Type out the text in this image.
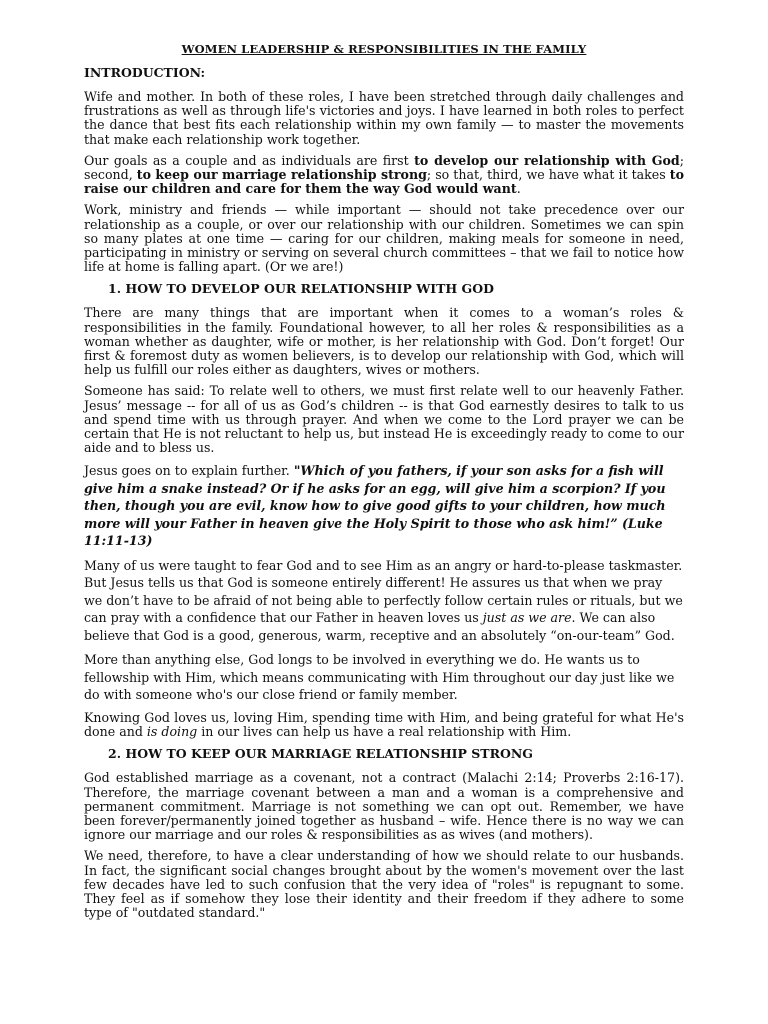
WOMEN LEADERSHIP & RESPONSIBILITIES IN THE FAMILY
INTRODUCTION:

Wife and mother. In both of these roles, I have been stretched through daily challenges and frustrations as well as through life's victories and joys. I have learned in both roles to perfect the dance that best fits each relationship within my own family — to master the movements that make each relationship work together.

Our goals as a couple and as individuals are first to develop our relationship with God; second, to keep our marriage relationship strong; so that, third, we have what it takes to raise our children and care for them the way God would want.

Work, ministry and friends — while important — should not take precedence over our relationship as a couple, or over our relationship with our children. Sometimes we can spin so many plates at one time — caring for our children, making meals for someone in need, participating in ministry or serving on several church committees – that we fail to notice how life at home is falling apart. (Or we are!)

1. HOW TO DEVELOP OUR RELATIONSHIP WITH GOD

There are many things that are important when it comes to a woman’s roles & responsibilities in the family. Foundational however, to all her roles & responsibilities as a woman whether as daughter, wife or mother, is her relationship with God. Don’t forget! Our first & foremost duty as women believers, is to develop our relationship with God, which will help us fulfill our roles either as daughters, wives or mothers.

Someone has said: To relate well to others, we must first relate well to our heavenly Father. Jesus’ message -- for all of us as God’s children -- is that God earnestly desires to talk to us and spend time with us through prayer. And when we come to the Lord prayer we can be certain that He is not reluctant to help us, but instead He is exceedingly ready to come to our aide and to bless us.

Jesus goes on to explain further. "Which of you fathers, if your son asks for a fish will give him a snake instead? Or if he asks for an egg, will give him a scorpion? If you then, though you are evil, know how to give good gifts to your children, how much more will your Father in heaven give the Holy Spirit to those who ask him!” (Luke 11:11-13)

Many of us were taught to fear God and to see Him as an angry or hard-to-please taskmaster. But Jesus tells us that God is someone entirely different! He assures us that when we pray we don’t have to be afraid of not being able to perfectly follow certain rules or rituals, but we can pray with a confidence that our Father in heaven loves us just as we are. We can also believe that God is a good, generous, warm, receptive and an absolutely “on-our-team” God.

More than anything else, God longs to be involved in everything we do. He wants us to fellowship with Him, which means communicating with Him throughout our day just like we do with someone who's our close friend or family member.

Knowing God loves us, loving Him, spending time with Him, and being grateful for what He's done and is doing in our lives can help us have a real relationship with Him.

2. HOW TO KEEP OUR MARRIAGE RELATIONSHIP STRONG

God established marriage as a covenant, not a contract (Malachi 2:14; Proverbs 2:16-17). Therefore, the marriage covenant between a man and a woman is a comprehensive and permanent commitment. Marriage is not something we can opt out. Remember, we have been forever/permanently joined together as husband – wife. Hence there is no way we can ignore our marriage and our roles & responsibilities as as wives (and mothers).

We need, therefore, to have a clear understanding of how we should relate to our husbands. In fact, the significant social changes brought about by the women's movement over the last few decades have led to such confusion that the very idea of "roles" is repugnant to some. They feel as if somehow they lose their identity and their freedom if they adhere to some type of "outdated standard."
